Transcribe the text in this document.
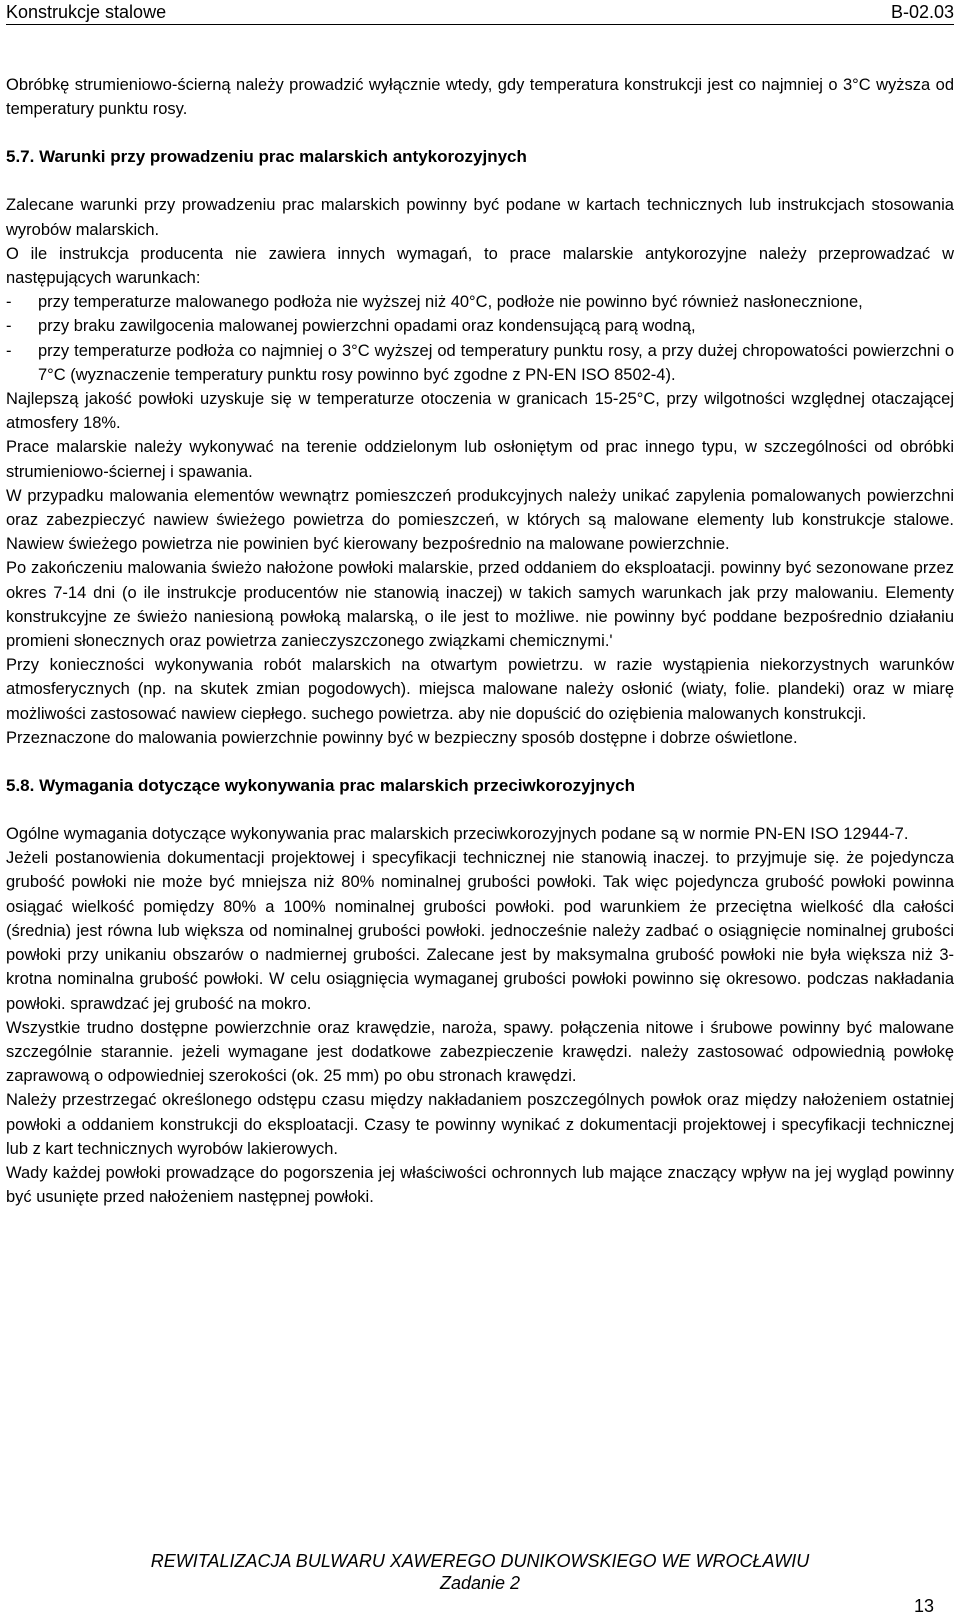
Konstrukcje stalowe	B-02.03

Obróbkę strumieniowo-ścierną należy prowadzić wyłącznie wtedy, gdy temperatura konstrukcji jest co najmniej o 3°C wyższa od temperatury punktu rosy.

5.7. Warunki przy prowadzeniu prac malarskich antykorozyjnych

Zalecane warunki przy prowadzeniu prac malarskich powinny być podane w kartach technicznych lub instrukcjach stosowania wyrobów malarskich.

O ile instrukcja producenta nie zawiera innych wymagań, to prace malarskie antykorozyjne należy przeprowadzać w następujących warunkach:

-	przy temperaturze malowanego podłoża nie wyższej niż 40°C, podłoże nie powinno być również nasłonecznione,
-	przy braku zawilgocenia malowanej powierzchni opadami oraz kondensującą parą wodną,
-	przy temperaturze podłoża co najmniej o 3°C wyższej od temperatury punktu rosy, a przy dużej chropowatości powierzchni o 7°C (wyznaczenie temperatury punktu rosy powinno być zgodne z PN-EN ISO 8502-4).

Najlepszą jakość powłoki uzyskuje się w temperaturze otoczenia w granicach 15-25°C, przy wilgotności względnej otaczającej atmosfery 18%.

Prace malarskie należy wykonywać na terenie oddzielonym lub osłoniętym od prac innego typu, w szczególności od obróbki strumieniowo-ściernej i spawania.

W przypadku malowania elementów wewnątrz pomieszczeń produkcyjnych należy unikać zapylenia pomalowanych powierzchni oraz zabezpieczyć nawiew świeżego powietrza do pomieszczeń, w których są malowane elementy lub konstrukcje stalowe. Nawiew świeżego powietrza nie powinien być kierowany bezpośrednio na malowane powierzchnie.

Po zakończeniu malowania świeżo nałożone powłoki malarskie, przed oddaniem do eksploatacji. powinny być sezonowane przez okres 7-14 dni (o ile instrukcje producentów nie stanowią inaczej) w takich samych warunkach jak przy malowaniu. Elementy konstrukcyjne ze świeżo naniesioną powłoką malarską, o ile jest to możliwe. nie powinny być poddane bezpośrednio działaniu promieni słonecznych oraz powietrza zanieczyszczonego związkami chemicznymi.'

Przy konieczności wykonywania robót malarskich na otwartym powietrzu. w razie wystąpienia niekorzystnych warunków atmosferycznych (np. na skutek zmian pogodowych). miejsca malowane należy osłonić (wiaty, folie. plandeki) oraz w miarę możliwości zastosować nawiew ciepłego. suchego powietrza. aby nie dopuścić do oziębienia malowanych konstrukcji.

Przeznaczone do malowania powierzchnie powinny być w bezpieczny sposób dostępne i dobrze oświetlone.

5.8. Wymagania dotyczące wykonywania prac malarskich przeciwkorozyjnych

Ogólne wymagania dotyczące wykonywania prac malarskich przeciwkorozyjnych podane są w normie PN-EN ISO 12944-7.

Jeżeli postanowienia dokumentacji projektowej i specyfikacji technicznej nie stanowią inaczej. to przyjmuje się. że pojedyncza grubość powłoki nie może być mniejsza niż 80% nominalnej grubości powłoki. Tak więc pojedyncza grubość powłoki powinna osiągać wielkość pomiędzy 80% a 100% nominalnej grubości powłoki. pod warunkiem że przeciętna wielkość dla całości (średnia) jest równa lub większa od nominalnej grubości powłoki. jednocześnie należy zadbać o osiągnięcie nominalnej grubości powłoki przy unikaniu obszarów o nadmiernej grubości. Zalecane jest by maksymalna grubość powłoki nie była większa niż 3-krotna nominalna grubość powłoki. W celu osiągnięcia wymaganej grubości powłoki powinno się okresowo. podczas nakładania powłoki. sprawdzać jej grubość na mokro.

Wszystkie trudno dostępne powierzchnie oraz krawędzie, naroża, spawy. połączenia nitowe i śrubowe powinny być malowane szczególnie starannie. jeżeli wymagane jest dodatkowe zabezpieczenie krawędzi. należy zastosować odpowiednią powłokę zaprawową o odpowiedniej szerokości (ok. 25 mm) po obu stronach krawędzi.

Należy przestrzegać określonego odstępu czasu między nakładaniem poszczególnych powłok oraz między nałożeniem ostatniej powłoki a oddaniem konstrukcji do eksploatacji. Czasy te powinny wynikać z dokumentacji projektowej i specyfikacji technicznej lub z kart technicznych wyrobów lakierowych.

Wady każdej powłoki prowadzące do pogorszenia jej właściwości ochronnych lub mające znaczący wpływ na jej wygląd powinny być usunięte przed nałożeniem następnej powłoki.

REWITALIZACJA BULWARU XAWEREGO DUNIKOWSKIEGO WE WROCŁAWIU
Zadanie 2
13
